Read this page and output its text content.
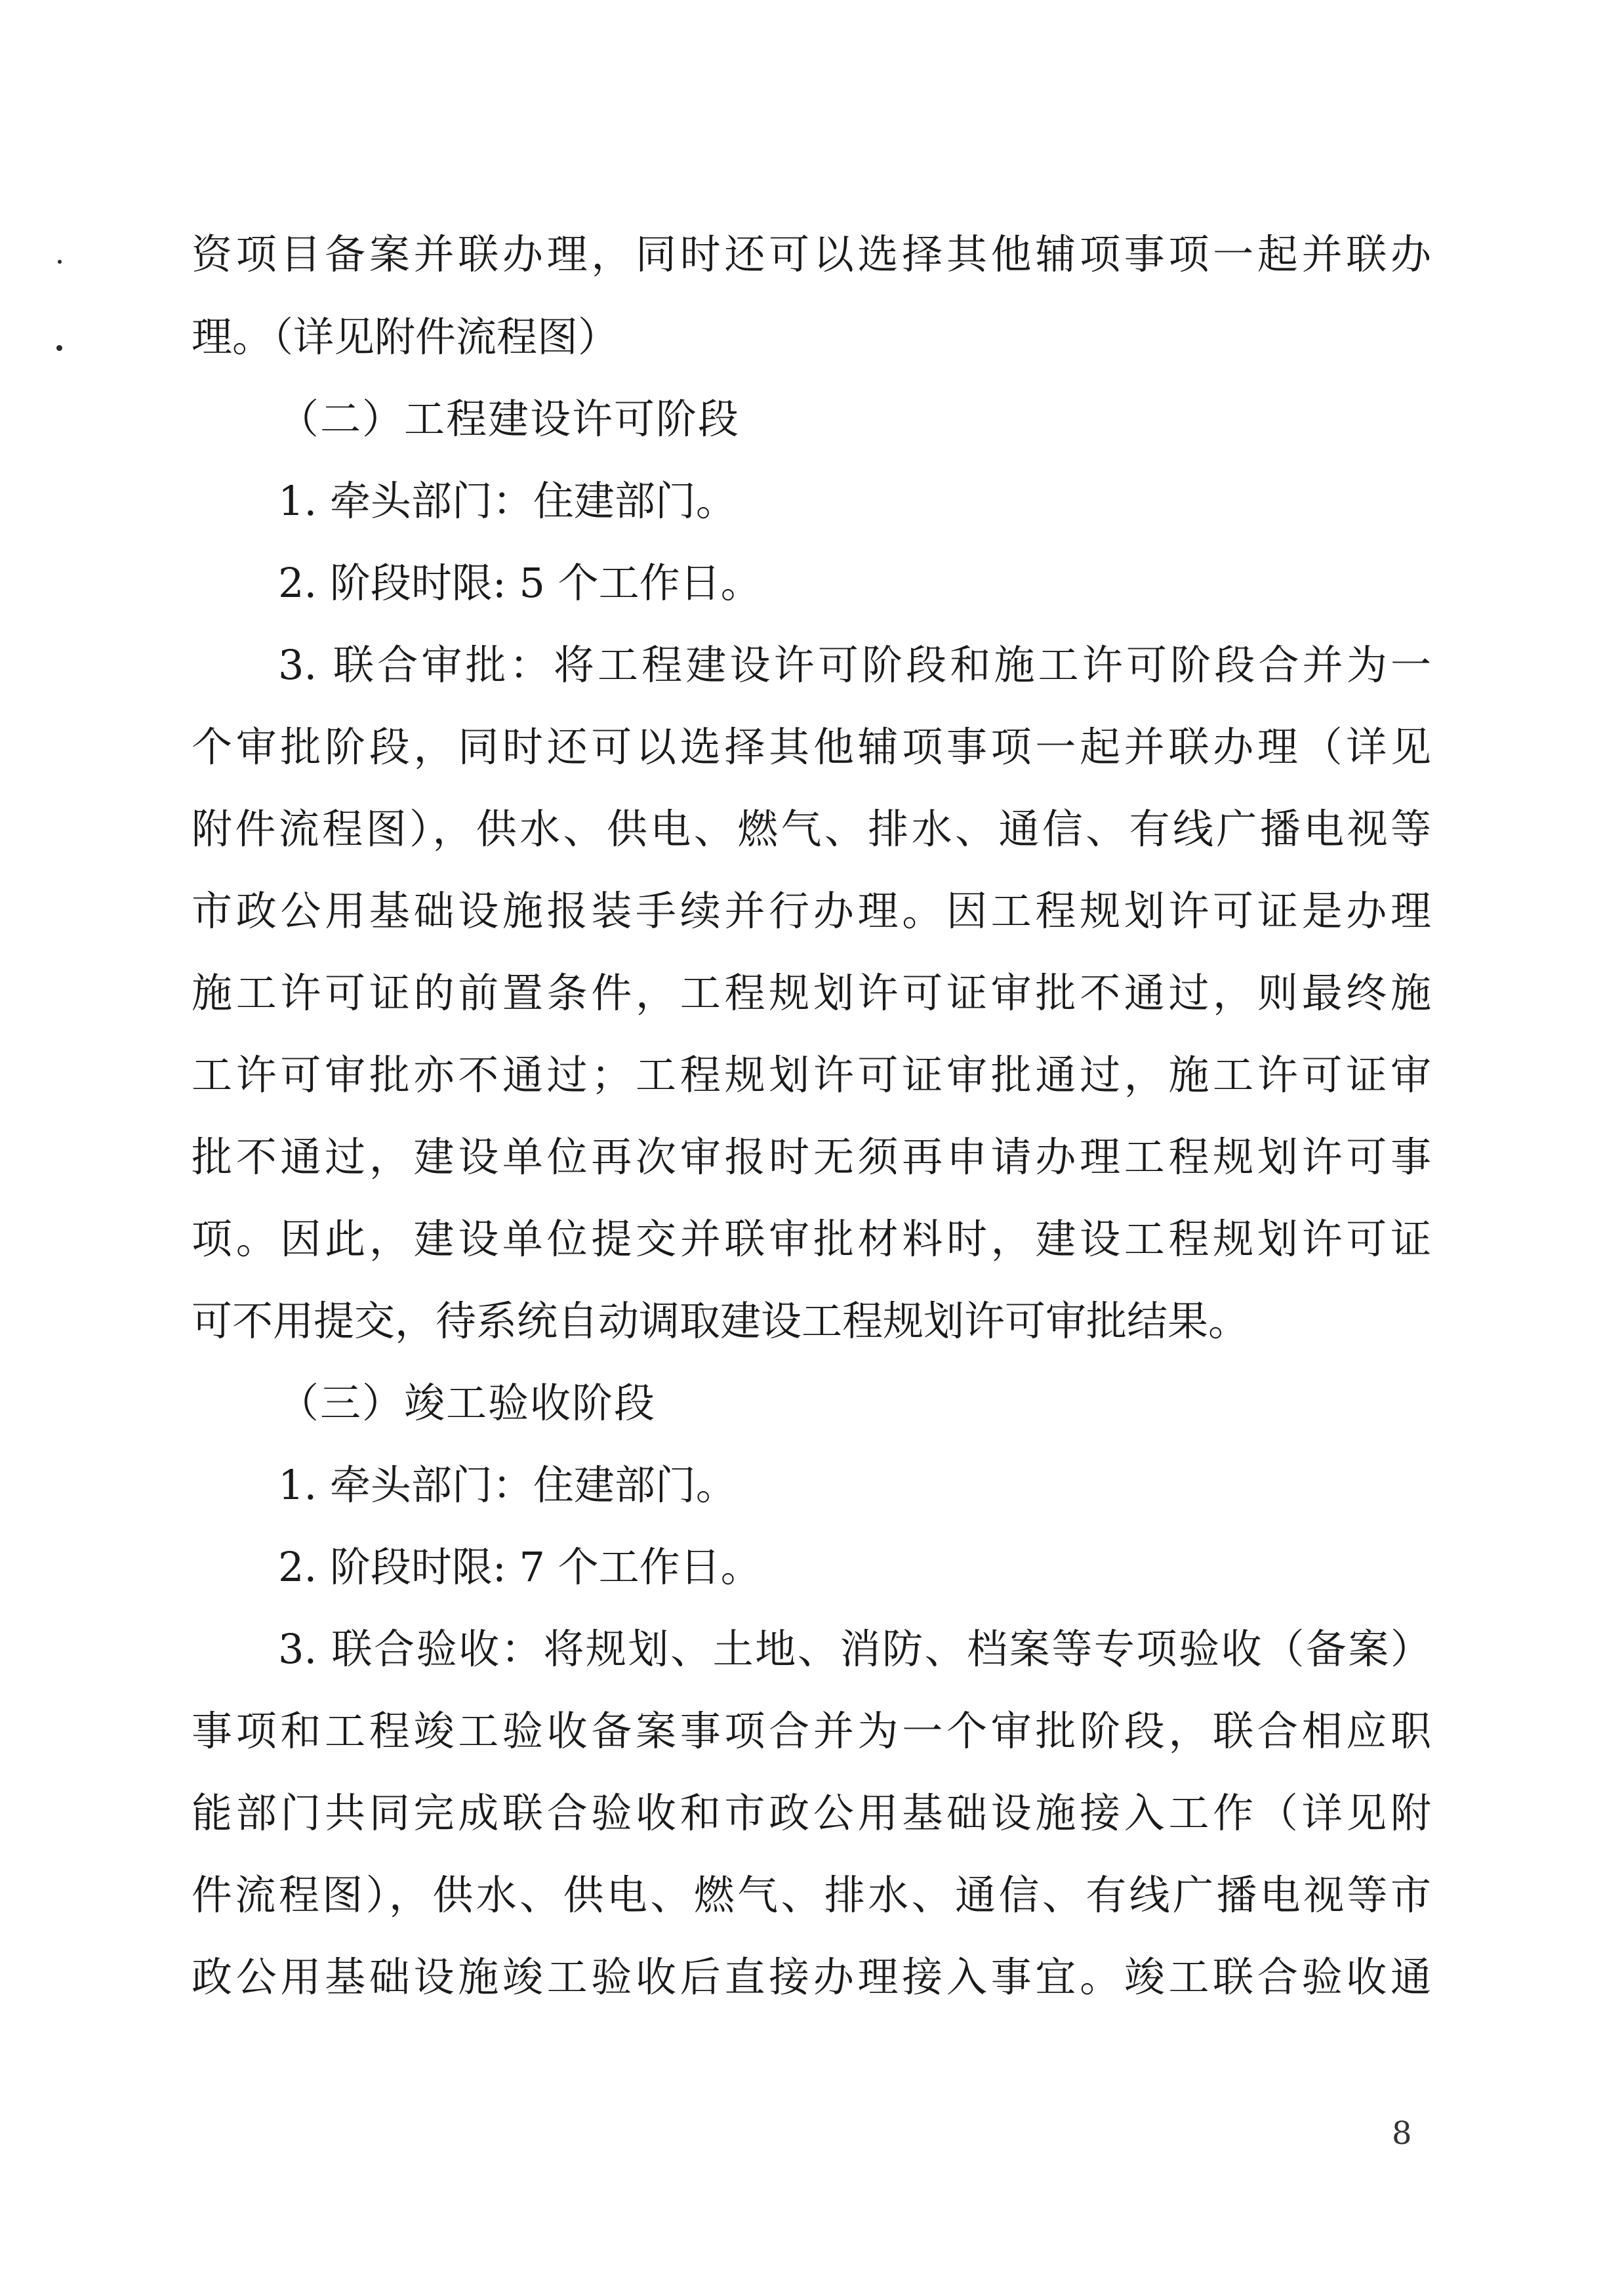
资项目备案并联办理，同时还可以选择其他辅项事项一起并联办
理。（详见附件流程图）
（二）工程建设许可阶段
1. 牵头部门：住建部门。
2. 阶段时限: 5 个工作日。
3. 联合审批：将工程建设许可阶段和施工许可阶段合并为一
个审批阶段，同时还可以选择其他辅项事项一起并联办理（详见
附件流程图），供水、供电、燃气、排水、通信、有线广播电视等
市政公用基础设施报装手续并行办理。因工程规划许可证是办理
施工许可证的前置条件，工程规划许可证审批不通过，则最终施
工许可审批亦不通过；工程规划许可证审批通过，施工许可证审
批不通过，建设单位再次审报时无须再申请办理工程规划许可事
项。因此，建设单位提交并联审批材料时，建设工程规划许可证
可不用提交，待系统自动调取建设工程规划许可审批结果。
（三）竣工验收阶段
1. 牵头部门：住建部门。
2. 阶段时限: 7 个工作日。
3. 联合验收：将规划、土地、消防、档案等专项验收（备案）
事项和工程竣工验收备案事项合并为一个审批阶段，联合相应职
能部门共同完成联合验收和市政公用基础设施接入工作（详见附
件流程图），供水、供电、燃气、排水、通信、有线广播电视等市
政公用基础设施竣工验收后直接办理接入事宜。竣工联合验收通
8
